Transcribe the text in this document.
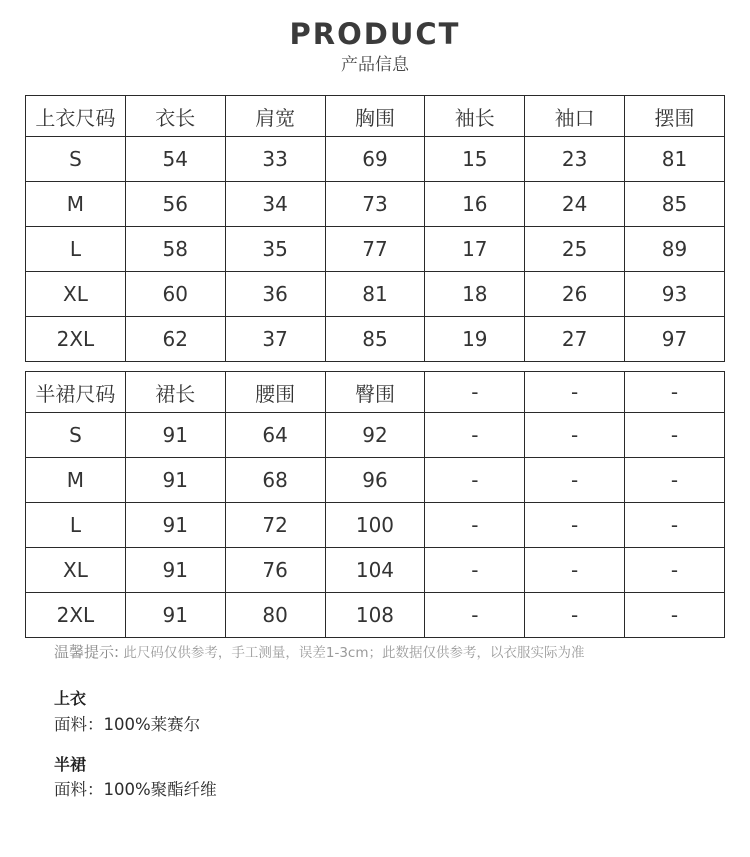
PRODUCT
产品信息
上衣尺码	衣长	肩宽	胸围	袖长	袖口	摆围
S	54	33	69	15	23	81
M	56	34	73	16	24	85
L	58	35	77	17	25	89
XL	60	36	81	18	26	93
2XL	62	37	85	19	27	97
半裙尺码	裙长	腰围	臀围	-	-	-
S	91	64	92	-	-	-
M	91	68	96	-	-	-
L	91	72	100	-	-	-
XL	91	76	104	-	-	-
2XL	91	80	108	-	-	-
温馨提示: 此尺码仅供参考，手工测量，误差1-3cm；此数据仅供参考，以衣服实际为准
上衣
面料：100%莱赛尔
半裙
面料：100%聚酯纤维
